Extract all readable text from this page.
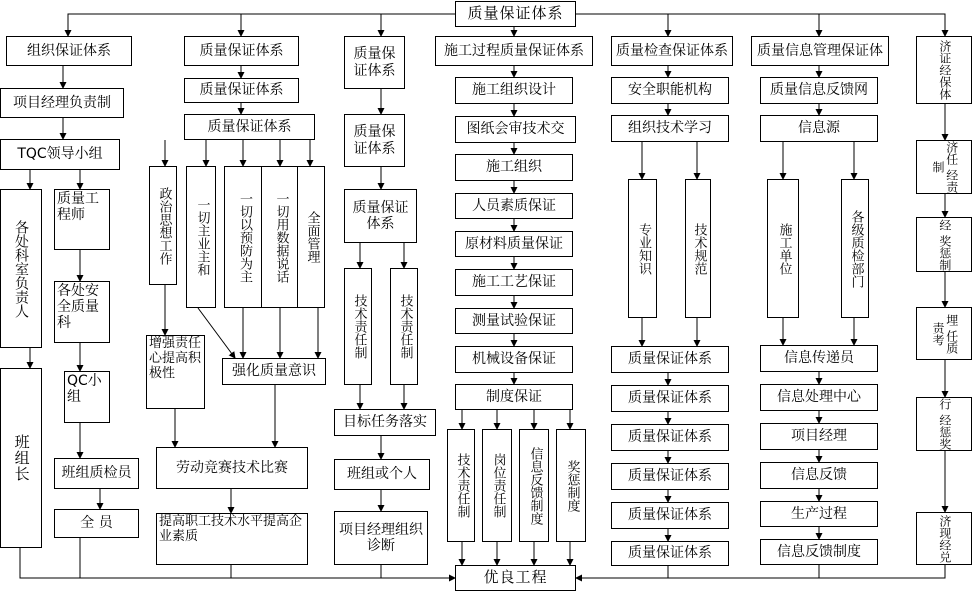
质量保证体系
优良工程
组织保证体系
项目经理负责制
TQC领导小组
各处科室负责人
质量工程师
各处安全质量科
QC小组
班组长	班组质检员
全 员
质量保证体系
质量保证体系
质量保证体系
政治思想工作	一切主业主和	一切以预防为主	一切用数据说话	全面管理
增强责任心提高积极性	强化质量意识
劳动竞赛技术比赛
提高职工技术水平提高企业素质
质量保证体系
质量保证体系
质量保证体系
技术责任制	技术责任制
目标任务落实
班组或个人
项目经理组织诊断
施工过程质量保证体系
施工组织设计
图纸会审技术交
施工组织
人员素质保证
原材料质量保证
施工工艺保证
测量试验保证
机械设备保证
制度保证
技术责任制	岗位责任制	信息反馈制度	奖惩制度
质量检查保证体系
安全职能机构
组织技术学习
专业知识	技术规范
质量保证体系
质量保证体系
质量保证体系
质量保证体系
质量保证体系
质量保证体系
质量信息管理保证体
质量信息反馈网
信息源
施工单位	各级质检部门
信息传递员
信息处理中心
项目经理
信息反馈
生产过程
信息反馈制度
济证经保体
济任 经责制
经 奖惩制
埋 任质责考
行 经惩奖
济现经兑
